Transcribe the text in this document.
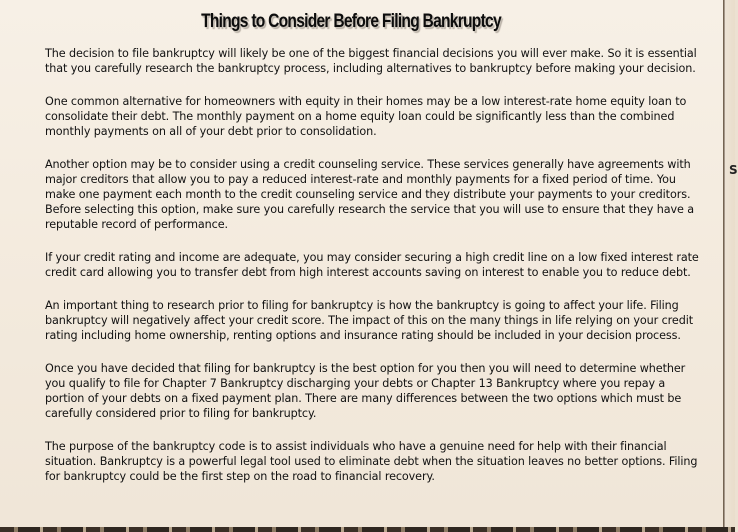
Things to Consider Before Filing Bankruptcy

The decision to file bankruptcy will likely be one of the biggest financial decisions you will ever make. So it is essential that you carefully research the bankruptcy process, including alternatives to bankruptcy before making your decision.

One common alternative for homeowners with equity in their homes may be a low interest-rate home equity loan to consolidate their debt. The monthly payment on a home equity loan could be significantly less than the combined monthly payments on all of your debt prior to consolidation.

Another option may be to consider using a credit counseling service. These services generally have agreements with major creditors that allow you to pay a reduced interest-rate and monthly payments for a fixed period of time. You make one payment each month to the credit counseling service and they distribute your payments to your creditors. Before selecting this option, make sure you carefully research the service that you will use to ensure that they have a reputable record of performance.

If your credit rating and income are adequate, you may consider securing a high credit line on a low fixed interest rate credit card allowing you to transfer debt from high interest accounts saving on interest to enable you to reduce debt.

An important thing to research prior to filing for bankruptcy is how the bankruptcy is going to affect your life. Filing bankruptcy will negatively affect your credit score. The impact of this on the many things in life relying on your credit rating including home ownership, renting options and insurance rating should be included in your decision process.

Once you have decided that filing for bankruptcy is the best option for you then you will need to determine whether you qualify to file for Chapter 7 Bankruptcy discharging your debts or Chapter 13 Bankruptcy where you repay a portion of your debts on a fixed payment plan. There are many differences between the two options which must be carefully considered prior to filing for bankruptcy.

The purpose of the bankruptcy code is to assist individuals who have a genuine need for help with their financial situation. Bankruptcy is a powerful legal tool used to eliminate debt when the situation leaves no better options. Filing for bankruptcy could be the first step on the road to financial recovery.

S
